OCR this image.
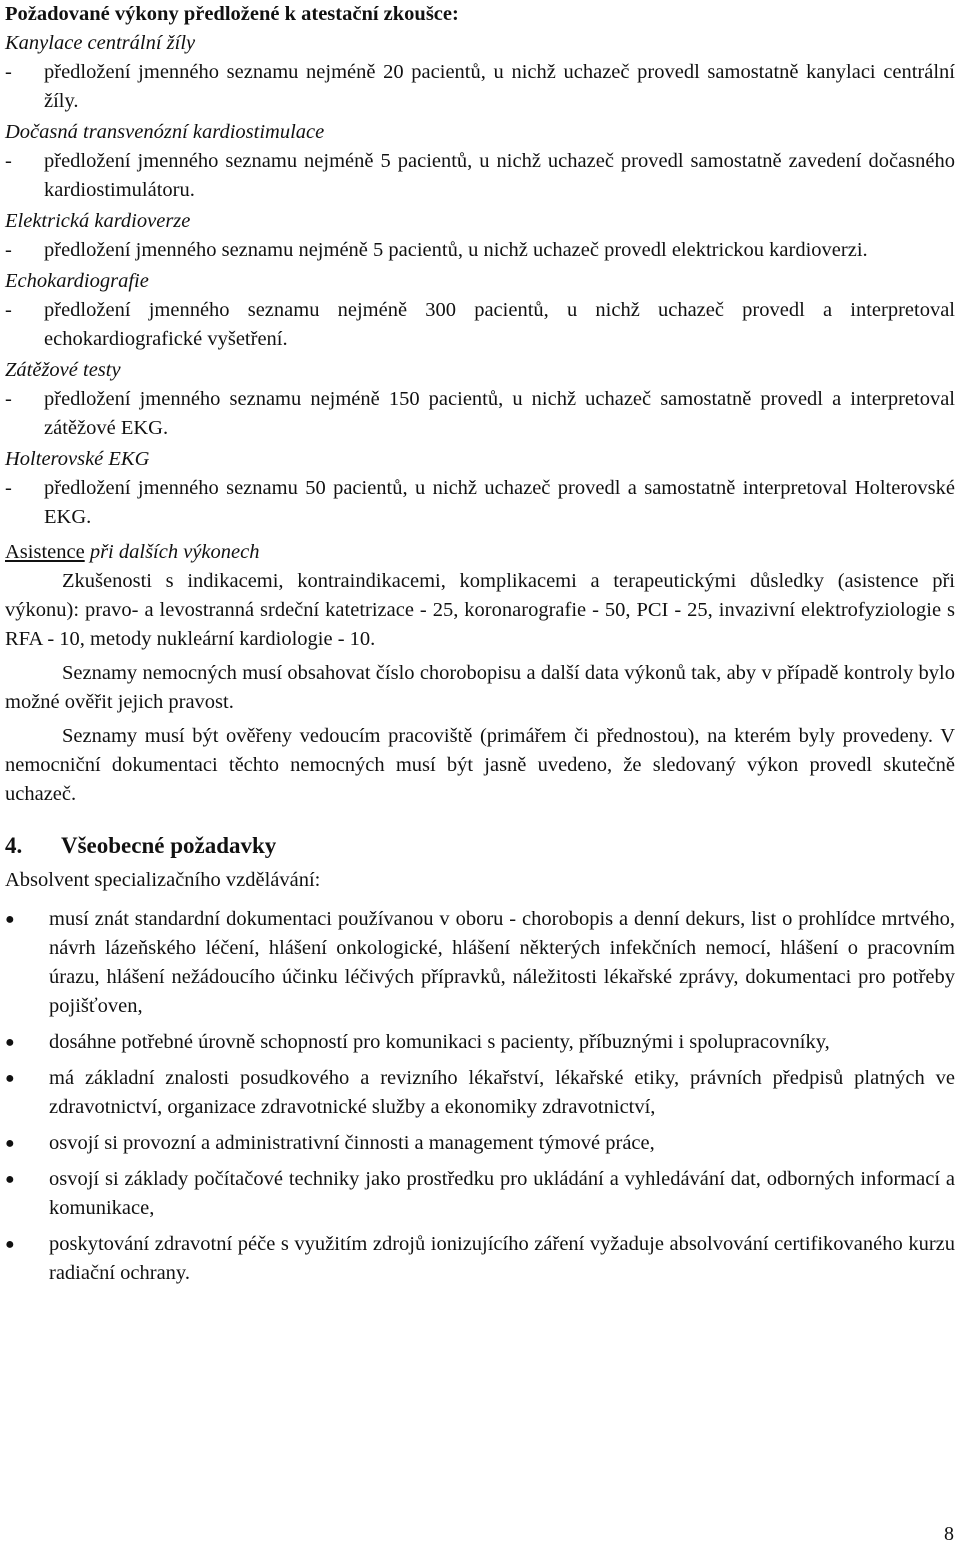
Požadované výkony předložené k atestační zkoušce:

Kanylace centrální žíly

- předložení jmenného seznamu nejméně 20 pacientů, u nichž uchazeč provedl samostatně kanylaci centrální žíly.

Dočasná transvenózní kardiostimulace

- předložení jmenného seznamu nejméně 5 pacientů, u nichž uchazeč provedl samostatně zavedení dočasného kardiostimulátoru.

Elektrická kardioverze

- předložení jmenného seznamu nejméně 5 pacientů, u nichž uchazeč provedl elektrickou kardioverzi.

Echokardiografie

- předložení jmenného seznamu nejméně 300 pacientů, u nichž uchazeč provedl a interpretoval echokardiografické vyšetření.

Zátěžové testy

- předložení jmenného seznamu nejméně 150 pacientů, u nichž uchazeč samostatně provedl a interpretoval zátěžové EKG.

Holterovské EKG

- předložení jmenného seznamu 50 pacientů, u nichž uchazeč provedl a samostatně interpretoval Holterovské EKG.

Asistence při dalších výkonech

Zkušenosti s indikacemi, kontraindikacemi, komplikacemi a terapeutickými důsledky (asistence při výkonu): pravo- a levostranná srdeční katetrizace - 25, koronarografie - 50, PCI - 25, invazivní elektrofyziologie s RFA - 10, metody nukleární kardiologie - 10.

Seznamy nemocných musí obsahovat číslo chorobopisu a další data výkonů tak, aby v případě kontroly bylo možné ověřit jejich pravost.

Seznamy musí být ověřeny vedoucím pracoviště (primářem či přednostou), na kterém byly provedeny. V nemocniční dokumentaci těchto nemocných musí být jasně uvedeno, že sledovaný výkon provedl skutečně uchazeč.

4. Všeobecné požadavky

Absolvent specializačního vzdělávání:

● musí znát standardní dokumentaci používanou v oboru - chorobopis a denní dekurs, list o prohlídce mrtvého, návrh lázeňského léčení, hlášení onkologické, hlášení některých infekčních nemocí, hlášení o pracovním úrazu, hlášení nežádoucího účinku léčivých přípravků, náležitosti lékařské zprávy, dokumentaci pro potřeby pojišťoven,
● dosáhne potřebné úrovně schopností pro komunikaci s pacienty, příbuznými i spolupracovníky,
● má základní znalosti posudkového a revizního lékařství, lékařské etiky, právních předpisů platných ve zdravotnictví, organizace zdravotnické služby a ekonomiky zdravotnictví,
● osvojí si provozní a administrativní činnosti a management týmové práce,
● osvojí si základy počítačové techniky jako prostředku pro ukládání a vyhledávání dat, odborných informací a komunikace,
● poskytování zdravotní péče s využitím zdrojů ionizujícího záření vyžaduje absolvování certifikovaného kurzu radiační ochrany.
8
